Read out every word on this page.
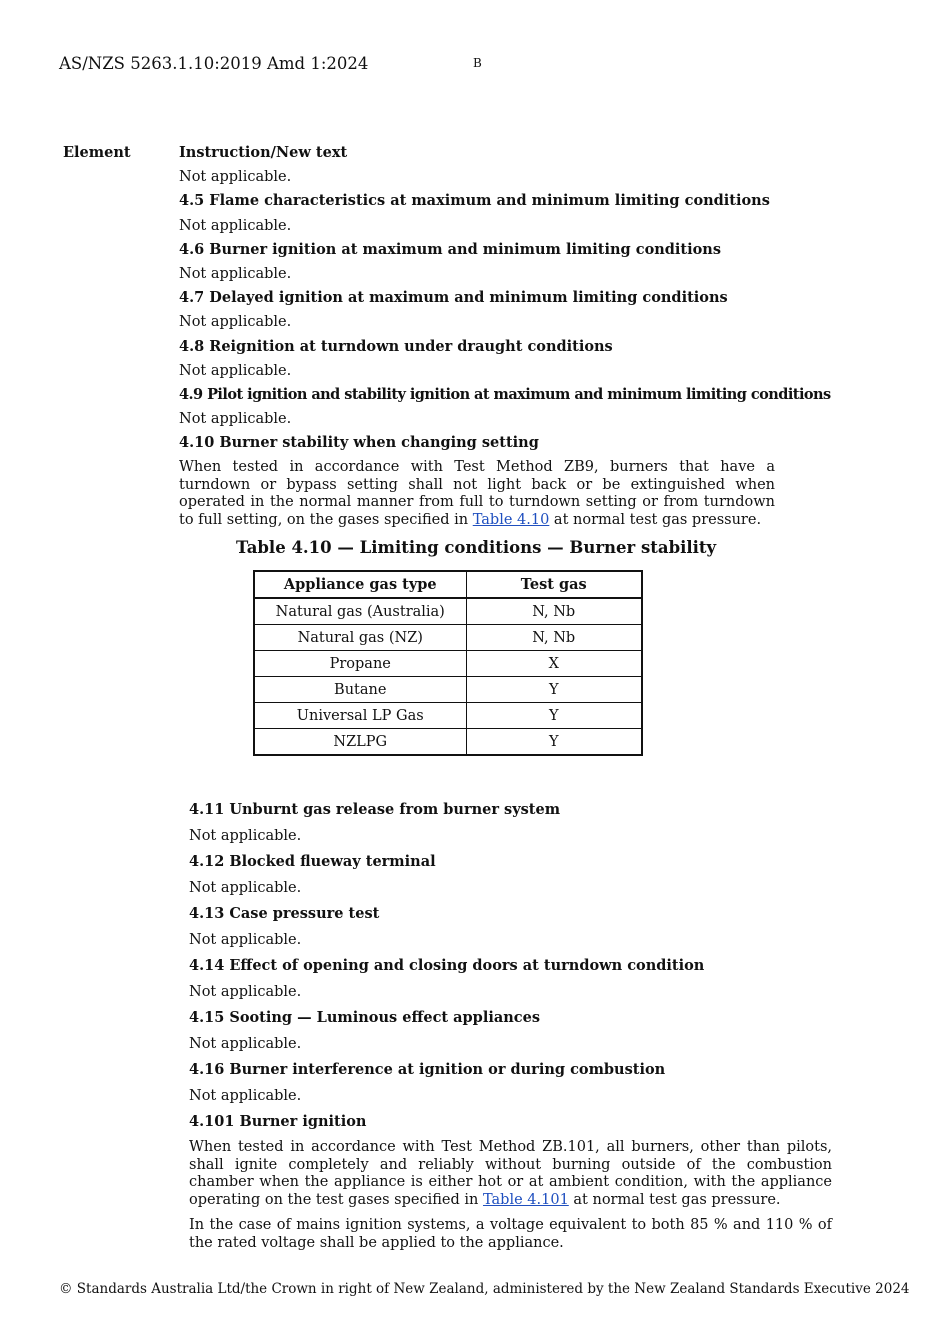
AS/NZS 5263.1.10:2019 Amd 1:2024	B
Element	Instruction/New text
Not applicable.
4.5 Flame characteristics at maximum and minimum limiting conditions
Not applicable.
4.6 Burner ignition at maximum and minimum limiting conditions
Not applicable.
4.7 Delayed ignition at maximum and minimum limiting conditions
Not applicable.
4.8 Reignition at turndown under draught conditions
Not applicable.
4.9 Pilot ignition and stability ignition at maximum and minimum limiting conditions
Not applicable.
4.10 Burner stability when changing setting
When tested in accordance with Test Method ZB9, burners that have a turndown or bypass setting shall not light back or be extinguished when operated in the normal manner from full to turndown setting or from turndown to full setting, on the gases specified in Table 4.10 at normal test gas pressure.
Table 4.10 — Limiting conditions — Burner stability
Appliance gas type	Test gas
Natural gas (Australia)	N, Nb
Natural gas (NZ)	N, Nb
Propane	X
Butane	Y
Universal LP Gas	Y
NZLPG	Y
4.11 Unburnt gas release from burner system
Not applicable.
4.12 Blocked flueway terminal
Not applicable.
4.13 Case pressure test
Not applicable.
4.14 Effect of opening and closing doors at turndown condition
Not applicable.
4.15 Sooting — Luminous effect appliances
Not applicable.
4.16 Burner interference at ignition or during combustion
Not applicable.
4.101 Burner ignition
When tested in accordance with Test Method ZB.101, all burners, other than pilots, shall ignite completely and reliably without burning outside of the combustion chamber when the appliance is either hot or at ambient condition, with the appliance operating on the test gases specified in Table 4.101 at normal test gas pressure.
In the case of mains ignition systems, a voltage equivalent to both 85 % and 110 % of the rated voltage shall be applied to the appliance.
© Standards Australia Ltd/the Crown in right of New Zealand, administered by the New Zealand Standards Executive 2024
